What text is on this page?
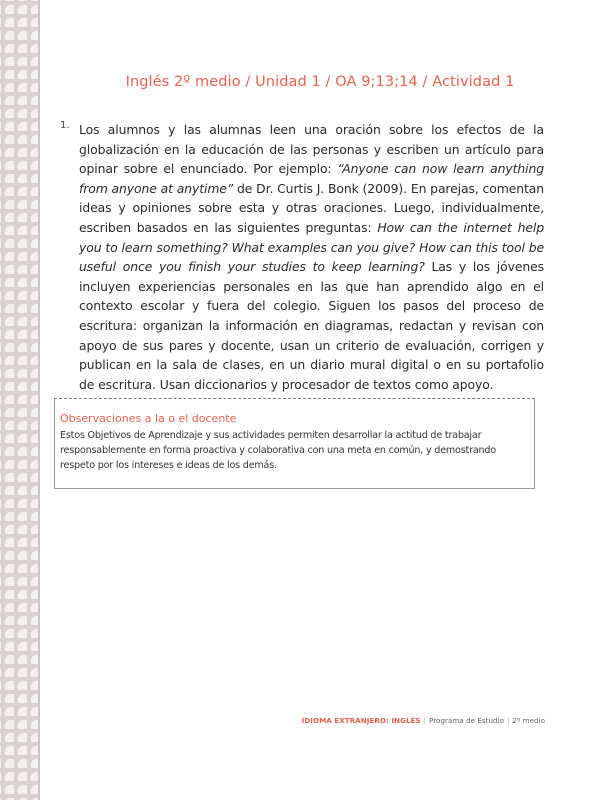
Inglés 2º medio / Unidad 1 / OA 9;13;14 / Actividad 1
1. Los alumnos y las alumnas leen una oración sobre los efectos de la globalización en la educación de las personas y escriben un artículo para opinar sobre el enunciado. Por ejemplo: “Anyone can now learn anything from anyone at anytime” de Dr. Curtis J. Bonk (2009). En parejas, comentan ideas y opiniones sobre esta y otras oraciones. Luego, individualmente, escriben basados en las siguientes preguntas: How can the internet help you to learn something? What examples can you give? How can this tool be useful once you finish your studies to keep learning? Las y los jóvenes incluyen experiencias personales en las que han aprendido algo en el contexto escolar y fuera del colegio. Siguen los pasos del proceso de escritura: organizan la información en diagramas, redactan y revisan con apoyo de sus pares y docente, usan un criterio de evaluación, corrigen y publican en la sala de clases, en un diario mural digital o en su portafolio de escritura. Usan diccionarios y procesador de textos como apoyo.
Observaciones a la o el docente
Estos Objetivos de Aprendizaje y sus actividades permiten desarrollar la actitud de trabajar responsablemente en forma proactiva y colaborativa con una meta en común, y demostrando respeto por los intereses e ideas de los demás.
IDIOMA EXTRANJERO: INGLÉS | Programa de Estudio | 2º medio
